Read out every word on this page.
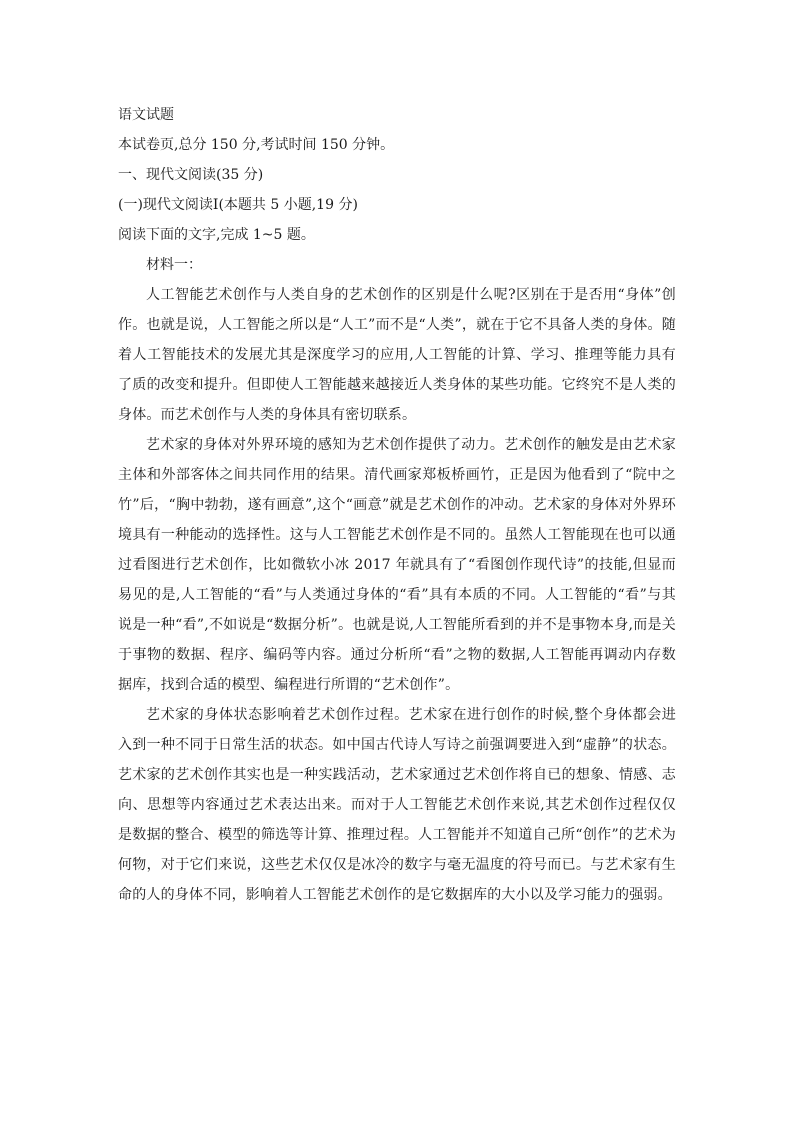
语文试题
本试卷页,总分 150 分,考试时间 150 分钟。
一、现代文阅读(35 分)
(一)现代文阅读Ⅰ(本题共 5 小题,19 分)
阅读下面的文字,完成 1~5 题。
材料一：

人工智能艺术创作与人类自身的艺术创作的区别是什么呢?区别在于是否用“身体”创作。也就是说，人工智能之所以是“人工”而不是“人类”，就在于它不具备人类的身体。随着人工智能技术的发展尤其是深度学习的应用,人工智能的计算、学习、推理等能力具有了质的改变和提升。但即使人工智能越来越接近人类身体的某些功能。它终究不是人类的身体。而艺术创作与人类的身体具有密切联系。

艺术家的身体对外界环境的感知为艺术创作提供了动力。艺术创作的触发是由艺术家主体和外部客体之间共同作用的结果。清代画家郑板桥画竹，正是因为他看到了“院中之竹”后，“胸中勃勃，遂有画意”,这个“画意”就是艺术创作的冲动。艺术家的身体对外界环境具有一种能动的选择性。这与人工智能艺术创作是不同的。虽然人工智能现在也可以通过看图进行艺术创作，比如微软小冰 2017 年就具有了“看图创作现代诗”的技能,但显而易见的是,人工智能的“看”与人类通过身体的“看”具有本质的不同。人工智能的“看”与其说是一种“看”,不如说是“数据分析”。也就是说,人工智能所看到的并不是事物本身,而是关于事物的数据、程序、编码等内容。通过分析所“看”之物的数据,人工智能再调动内存数据库，找到合适的模型、编程进行所谓的“艺术创作”。

艺术家的身体状态影响着艺术创作过程。艺术家在进行创作的时候,整个身体都会进入到一种不同于日常生活的状态。如中国古代诗人写诗之前强调要进入到“虚静”的状态。艺术家的艺术创作其实也是一种实践活动，艺术家通过艺术创作将自已的想象、情感、志向、思想等内容通过艺术表达出来。而对于人工智能艺术创作来说,其艺术创作过程仅仅是数据的整合、模型的筛选等计算、推理过程。人工智能并不知道自己所“创作”的艺术为何物，对于它们来说，这些艺术仅仅是冰冷的数字与毫无温度的符号而已。与艺术家有生命的人的身体不同，影响着人工智能艺术创作的是它数据库的大小以及学习能力的强弱。
